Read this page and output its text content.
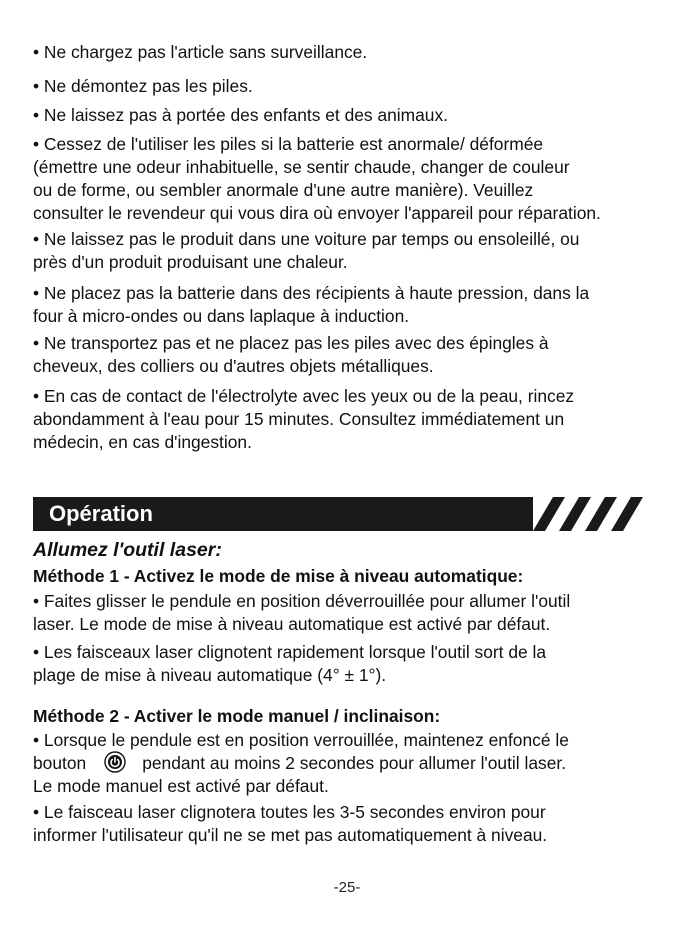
• Ne chargez pas l'article sans surveillance.

• Ne démontez pas les piles.

• Ne laissez pas à portée des enfants et des animaux.

• Cessez de l'utiliser les piles si la batterie est anormale/ déformée
(émettre une odeur inhabituelle, se sentir chaude, changer de couleur
ou de forme, ou sembler anormale d'une autre manière). Veuillez
consulter le revendeur qui vous dira où envoyer l'appareil pour réparation.

• Ne laissez pas le produit dans une voiture par temps ou ensoleillé, ou
près d'un produit produisant une chaleur.

• Ne placez pas la batterie dans des récipients à haute pression, dans la
four à micro-ondes ou dans laplaque à induction.

• Ne transportez pas et ne placez pas les piles avec des épingles à
cheveux, des colliers ou d'autres objets métalliques.

• En cas de contact de l'électrolyte avec les yeux ou de la peau, rincez
abondamment à l'eau pour 15 minutes. Consultez immédiatement un
médecin, en cas d'ingestion.

Opération
Allumez l'outil laser:
Méthode 1 - Activez le mode de mise à niveau automatique:

• Faites glisser le pendule en position déverrouillée pour allumer l'outil
laser. Le mode de mise à niveau automatique est activé par défaut.

• Les faisceaux laser clignotent rapidement lorsque l'outil sort de la
plage de mise à niveau automatique (4° ± 1°).

Méthode 2 - Activer le mode manuel / inclinaison:

• Lorsque le pendule est en position verrouillée, maintenez enfoncé le
bouton	pendant au moins 2 secondes pour allumer l'outil laser.
Le mode manuel est activé par défaut.

• Le faisceau laser clignotera toutes les 3-5 secondes environ pour
informer l'utilisateur qu'il ne se met pas automatiquement à niveau.

-25-
